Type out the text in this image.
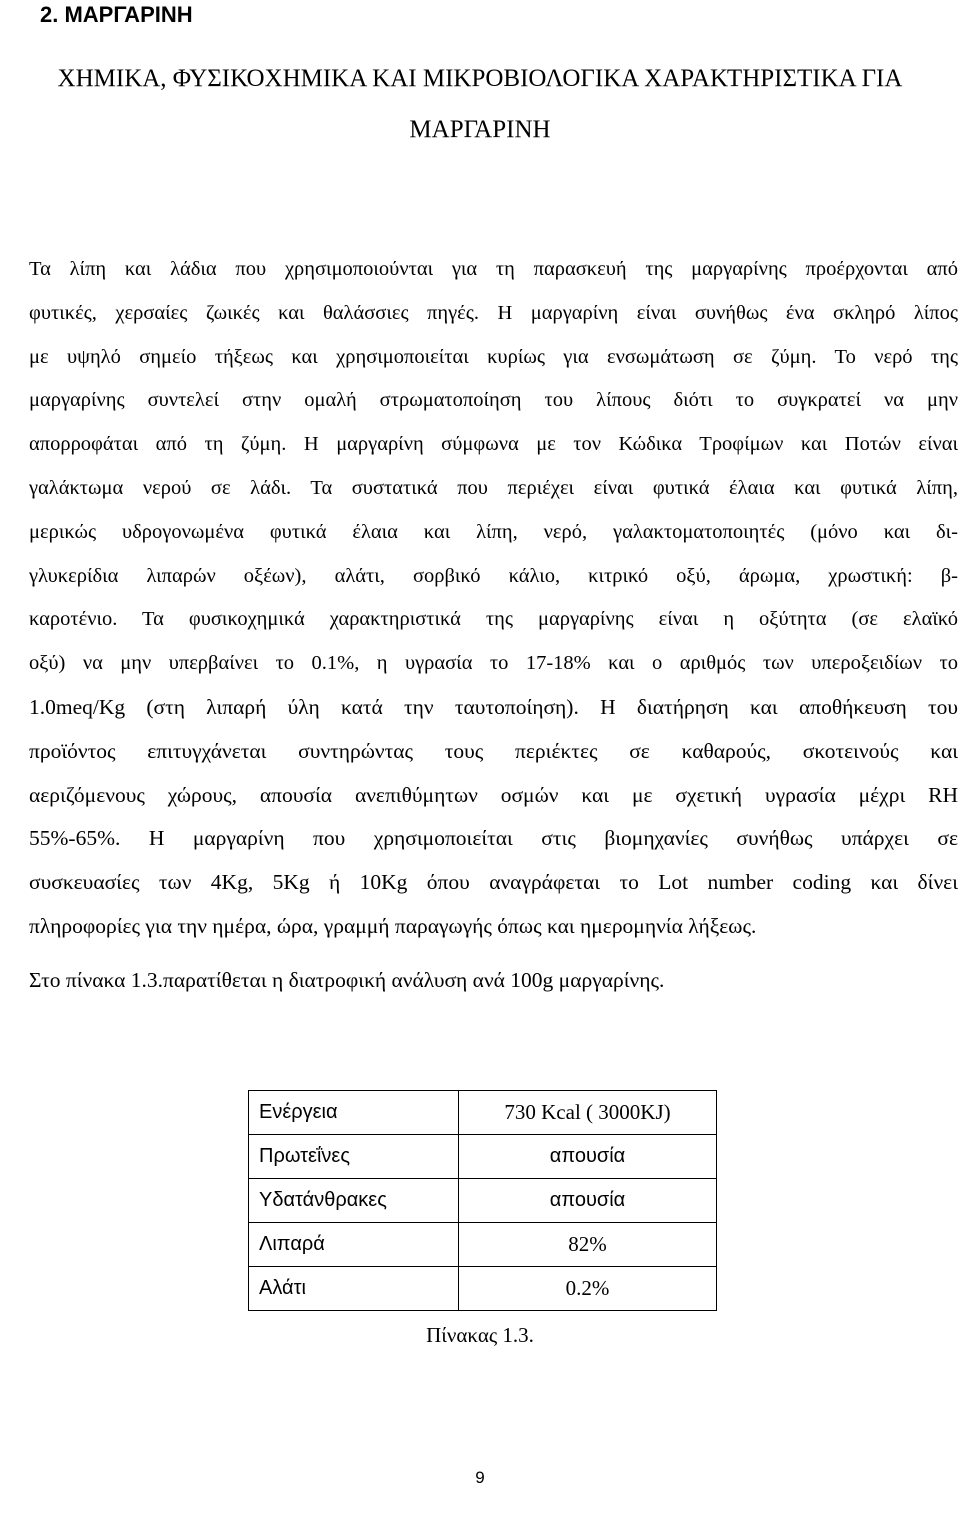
2. ΜΑΡΓΑΡΙΝΗ

ΧΗΜΙΚΑ, ΦΥΣΙΚΟΧΗΜΙΚΑ ΚΑΙ ΜΙΚΡΟΒΙΟΛΟΓΙΚΑ ΧΑΡΑΚΤΗΡΙΣΤΙΚΑ ΓΙΑ

ΜΑΡΓΑΡΙΝΗ

Τα λίπη και λάδια που χρησιμοποιούνται για τη παρασκευή της μαργαρίνης προέρχονται από
φυτικές, χερσαίες ζωικές και θαλάσσιες πηγές. Η μαργαρίνη είναι συνήθως ένα σκληρό λίπος
με υψηλό σημείο τήξεως και χρησιμοποιείται κυρίως για ενσωμάτωση σε ζύμη. Το νερό της
μαργαρίνης συντελεί στην ομαλή στρωματοποίηση του λίπους διότι το συγκρατεί να μην
απορροφάται από τη ζύμη. Η μαργαρίνη σύμφωνα με τον Κώδικα Τροφίμων και Ποτών είναι
γαλάκτωμα νερού σε λάδι. Τα συστατικά που περιέχει είναι φυτικά έλαια και φυτικά λίπη,
μερικώς υδρογονωμένα φυτικά έλαια και λίπη, νερό, γαλακτοματοποιητές (μόνο και δι-
γλυκερίδια λιπαρών οξέων), αλάτι, σορβικό κάλιο, κιτρικό οξύ, άρωμα, χρωστική: β-
καροτένιο. Τα φυσικοχημικά χαρακτηριστικά της μαργαρίνης είναι η οξύτητα (σε ελαϊκό
οξύ) να μην υπερβαίνει το 0.1%, η υγρασία το 17-18% και ο αριθμός των υπεροξειδίων το
1.0meq/Kg (στη λιπαρή ύλη κατά την ταυτοποίηση). Η διατήρηση και αποθήκευση του
προϊόντος επιτυγχάνεται συντηρώντας τους περιέκτες σε καθαρούς, σκοτεινούς και
αεριζόμενους χώρους, απουσία ανεπιθύμητων οσμών και με σχετική υγρασία μέχρι RH
55%-65%. Η μαργαρίνη που χρησιμοποιείται στις βιομηχανίες συνήθως υπάρχει σε
συσκευασίες των 4Kg, 5Kg ή 10Kg όπου αναγράφεται το Lot number coding και δίνει
πληροφορίες για την ημέρα, ώρα, γραμμή παραγωγής όπως και ημερομηνία λήξεως.

Στο πίνακα 1.3.παρατίθεται η διατροφική ανάλυση ανά 100g μαργαρίνης.

Ενέργεια	730 Kcal ( 3000KJ)
Πρωτεΐνες	απουσία
Υδατάνθρακες	απουσία
Λιπαρά	82%
Αλάτι	0.2%

Πίνακας 1.3.

9
